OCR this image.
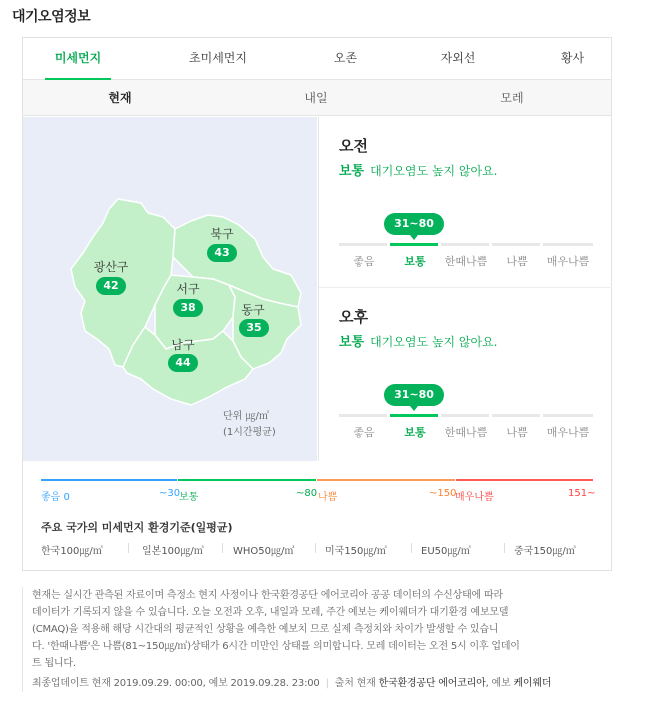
대기오염정보
미세먼지	초미세먼지	오존	자외선	황사
현재	내일	모레
광산구
42
북구
43
서구
38	동구
35
남구
44
단위 ㎍/㎥
(1시간평균)
오전
보통 대기오염도 높지 않아요.
31~80
좋음	보통	한때나쁨	나쁨	매우나쁨
오후
보통 대기오염도 높지 않아요.
31~80
좋음	보통	한때나쁨	나쁨	매우나쁨
좋음 0	~30
보통	~80 나쁨	~150
매우나쁨	151~
주요 국가의 미세먼지 환경기준(일평균)
한국100㎍/㎥	일본100㎍/㎥	WHO50㎍/㎥	미국150㎍/㎥	EU50㎍/㎥	중국150㎍/㎥
현재는 실시간 관측된 자료이며 측정소 현지 사정이나 한국환경공단 에어코리아 공공 데이터의 수신상태에 따라
데이터가 기록되지 않을 수 있습니다. 오늘 오전과 오후, 내일과 모레, 주간 예보는 케이웨더가 대기환경 예보모델
(CMAQ)을 적용해 해당 시간대의 평균적인 상황을 예측한 예보치 므로 실제 측정치와 차이가 발생할 수 있습니
다. '한때나쁨'은 나쁨(81~150㎍/㎥)상태가 6시간 미만인 상태를 의미합니다. 모레 데이터는 오전 5시 이후 업데이
트 됩니다.
최종업데이트 현재 2019.09.29. 00:00, 예보 2019.09.28. 23:00 | 출처 현재 한국환경공단 에어코리아, 예보 케이웨더
